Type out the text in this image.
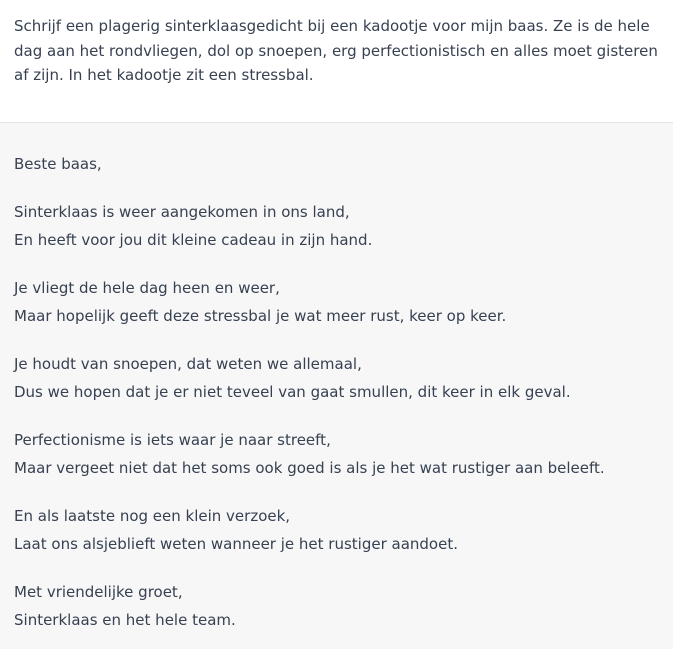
Schrijf een plagerig sinterklaasgedicht bij een kadootje voor mijn baas. Ze is de hele dag aan het rondvliegen, dol op snoepen, erg perfectionistisch en alles moet gisteren af zijn. In het kadootje zit een stressbal.

Beste baas,

Sinterklaas is weer aangekomen in ons land,
En heeft voor jou dit kleine cadeau in zijn hand.

Je vliegt de hele dag heen en weer,
Maar hopelijk geeft deze stressbal je wat meer rust, keer op keer.

Je houdt van snoepen, dat weten we allemaal,
Dus we hopen dat je er niet teveel van gaat smullen, dit keer in elk geval.

Perfectionisme is iets waar je naar streeft,
Maar vergeet niet dat het soms ook goed is als je het wat rustiger aan beleeft.

En als laatste nog een klein verzoek,
Laat ons alsjeblieft weten wanneer je het rustiger aandoet.

Met vriendelijke groet,
Sinterklaas en het hele team.
